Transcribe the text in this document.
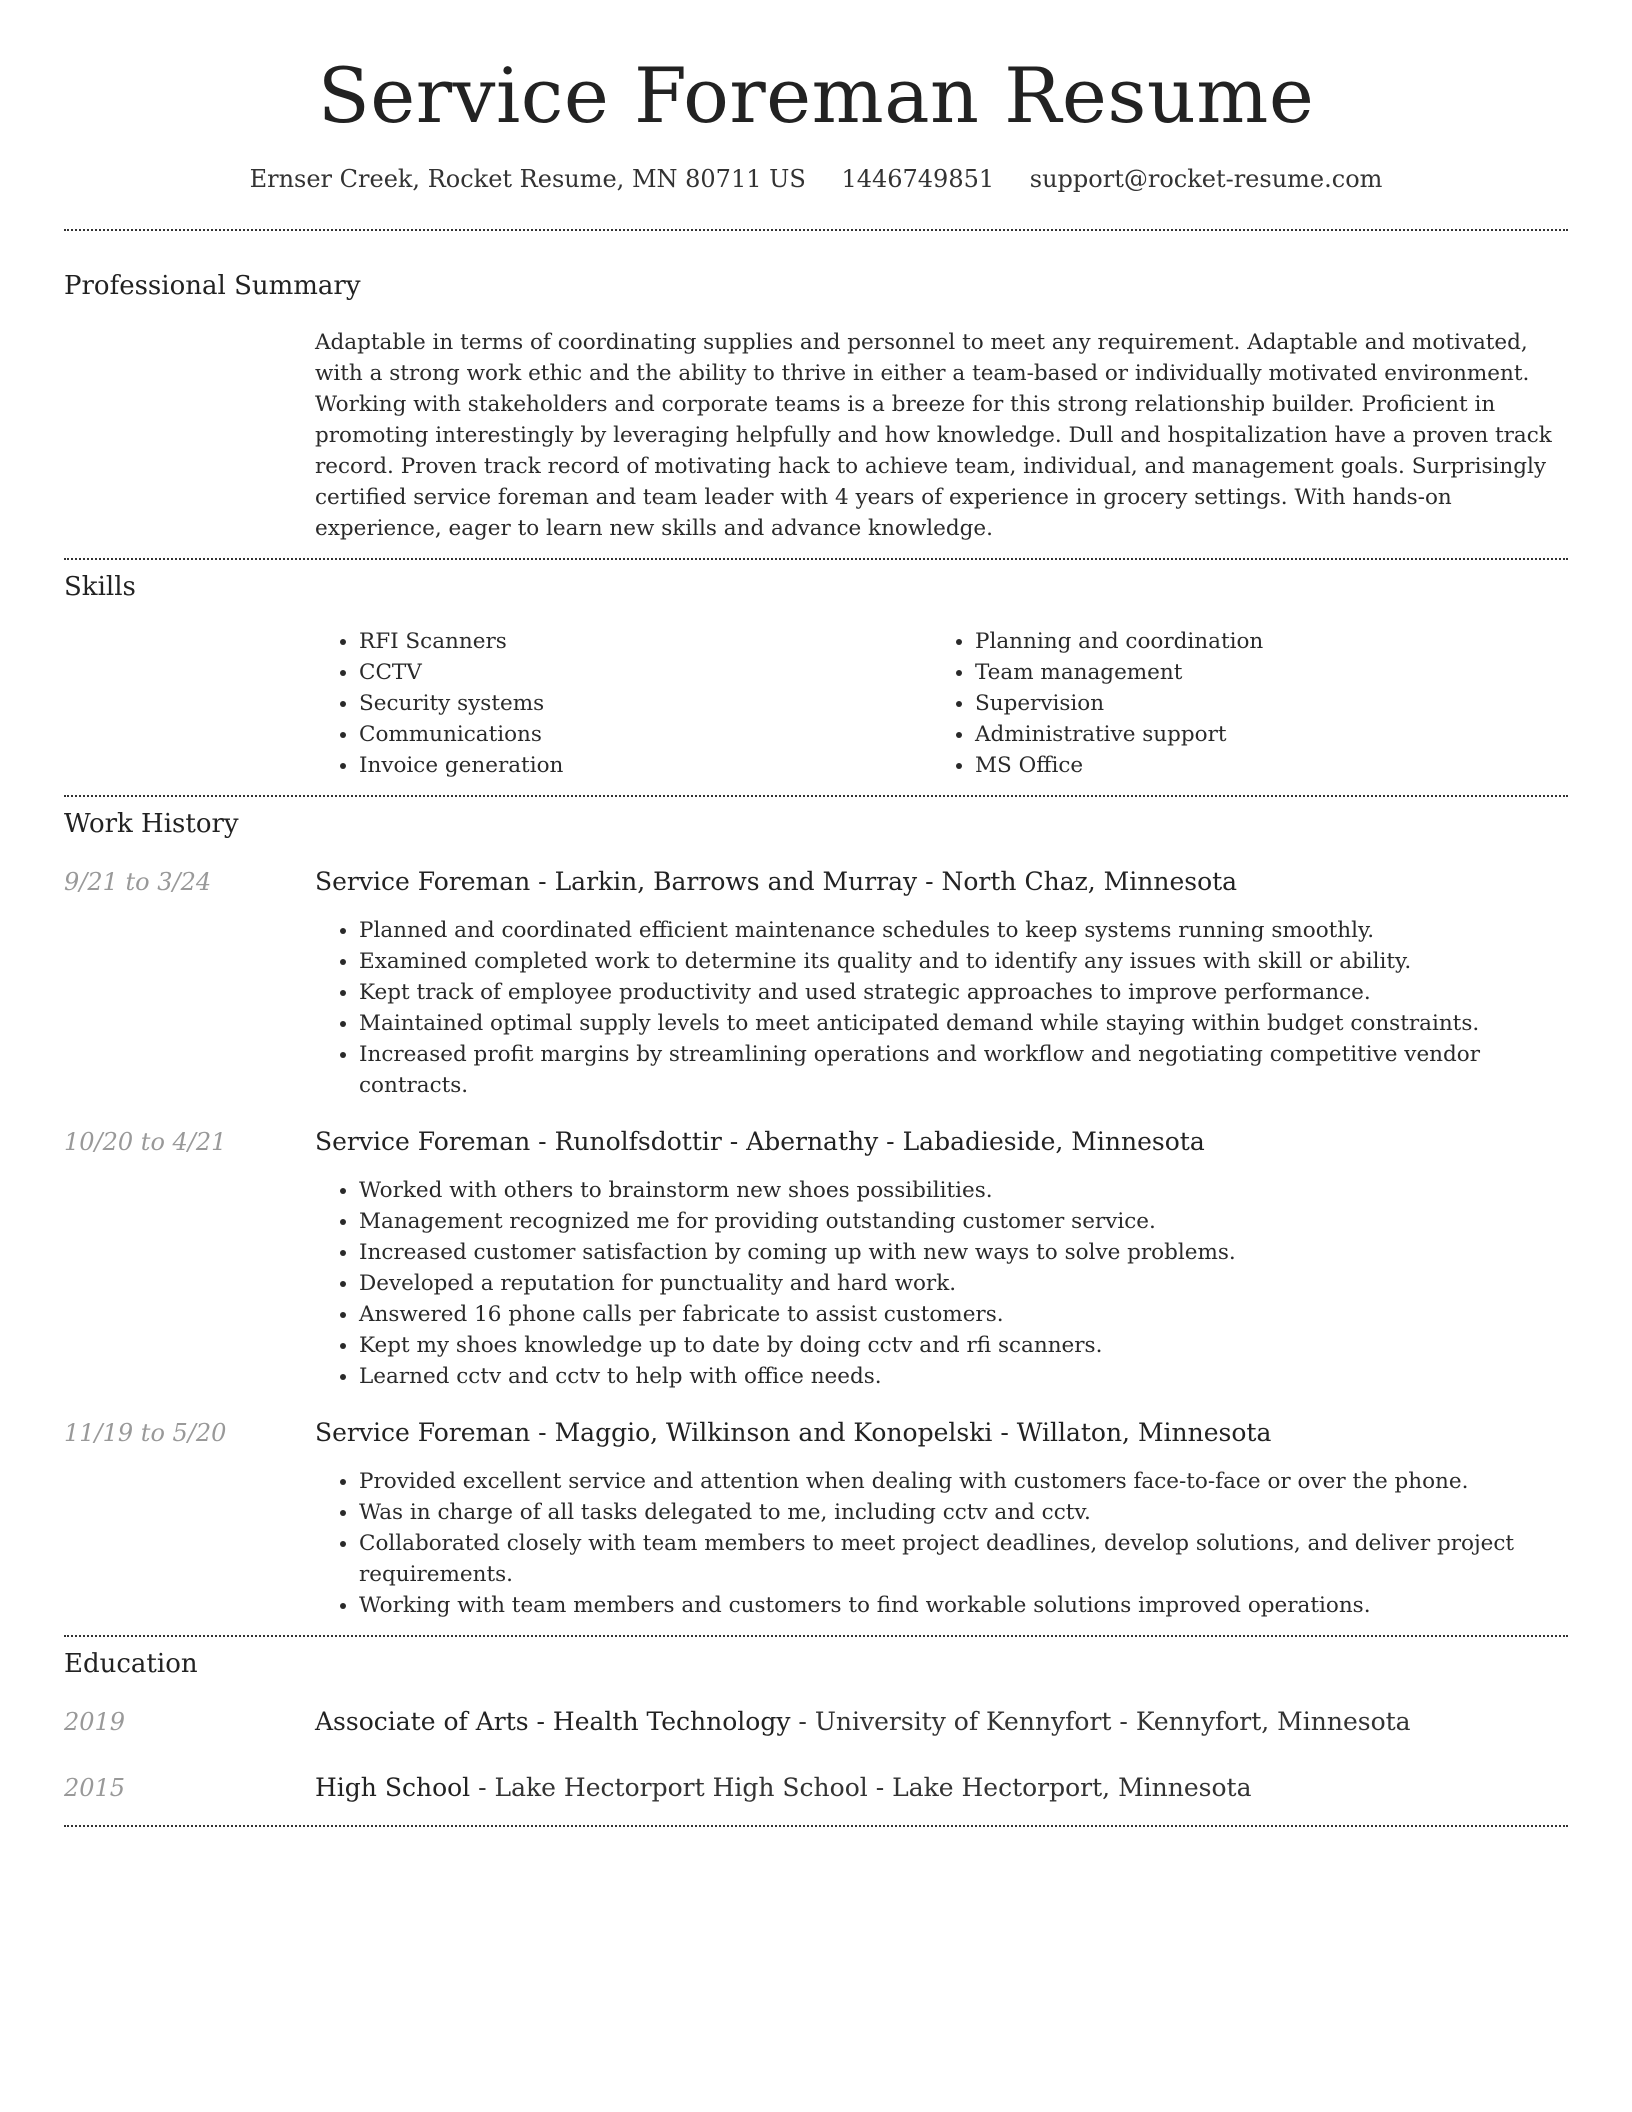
Service Foreman Resume
Ernser Creek, Rocket Resume, MN 80711 US 1446749851 support@rocket-resume.com
Professional Summary

Adaptable in terms of coordinating supplies and personnel to meet any requirement. Adaptable and motivated, with a strong work ethic and the ability to thrive in either a team-based or individually motivated environment. Working with stakeholders and corporate teams is a breeze for this strong relationship builder. Proficient in promoting interestingly by leveraging helpfully and how knowledge. Dull and hospitalization have a proven track record. Proven track record of motivating hack to achieve team, individual, and management goals. Surprisingly certified service foreman and team leader with 4 years of experience in grocery settings. With hands-on experience, eager to learn new skills and advance knowledge.

Skills
• RFI Scanners
• CCTV
• Security systems
• Communications
• Invoice generation
• Planning and coordination
• Team management
• Supervision
• Administrative support
• MS Office
Work History
9/21 to 3/24	Service Foreman - Larkin, Barrows and Murray - North Chaz, Minnesota
• Planned and coordinated efficient maintenance schedules to keep systems running smoothly.
• Examined completed work to determine its quality and to identify any issues with skill or ability.
• Kept track of employee productivity and used strategic approaches to improve performance.
• Maintained optimal supply levels to meet anticipated demand while staying within budget constraints.
• Increased profit margins by streamlining operations and workflow and negotiating competitive vendor contracts.
10/20 to 4/21	Service Foreman - Runolfsdottir - Abernathy - Labadieside, Minnesota
• Worked with others to brainstorm new shoes possibilities.
• Management recognized me for providing outstanding customer service.
• Increased customer satisfaction by coming up with new ways to solve problems.
• Developed a reputation for punctuality and hard work.
• Answered 16 phone calls per fabricate to assist customers.
• Kept my shoes knowledge up to date by doing cctv and rfi scanners.
• Learned cctv and cctv to help with office needs.
11/19 to 5/20	Service Foreman - Maggio, Wilkinson and Konopelski - Willaton, Minnesota
• Provided excellent service and attention when dealing with customers face-to-face or over the phone.
• Was in charge of all tasks delegated to me, including cctv and cctv.
• Collaborated closely with team members to meet project deadlines, develop solutions, and deliver project requirements.
• Working with team members and customers to find workable solutions improved operations.
Education
2019	Associate of Arts - Health Technology - University of Kennyfort - Kennyfort, Minnesota
2015	High School - Lake Hectorport High School - Lake Hectorport, Minnesota
